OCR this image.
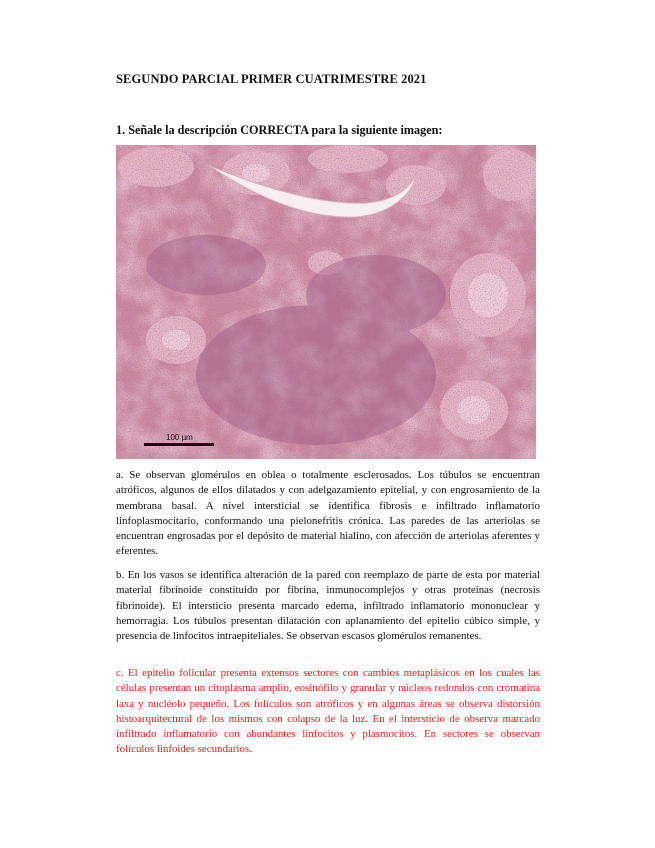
SEGUNDO PARCIAL PRIMER CUATRIMESTRE 2021
1. Señale la descripción CORRECTA para la siguiente imagen:
100 µm

a. Se observan glomérulos en oblea o totalmente esclerosados. Los túbulos se encuentran atróficos, algunos de ellos dilatados y con adelgazamiento epitelial, y con engrosamiento de la membrana basal. A nivel intersticial se identifica fibrosis e infiltrado inflamatorio linfoplasmocitario, conformando una pielonefritis crónica. Las paredes de las arteriolas se encuentran engrosadas por el depósito de material hialino, con afección de arteriolas aferentes y eferentes.

b. En los vasos se identifica alteración de la pared con reemplazo de parte de esta por material material fibrinoide constituido por fibrina, inmunocomplejos y otras proteínas (necrosis fibrinoide). El intersticio presenta marcado edema, infiltrado inflamatorio mononuclear y hemorragia. Los túbulos presentan dilatación con aplanamiento del epitelio cúbico simple, y presencia de linfocitos intraepiteliales. Se observan escasos glomérulos remanentes.

c. El epitelio folicular presenta extensos sectores con cambios metaplásicos en los cuales las células presentan un citoplasma amplio, eosinófilo y granular y núcleos redondos con cromatina laxa y nucléolo pequeño. Los folículos son atróficos y en algunas áreas se observa distorsión histoarquitectural de los mismos con colapso de la luz. En el intersticio de observa marcado infiltrado inflamatorio con abundantes linfocitos y plasmocitos. En sectores se observan folículos linfoides secundarios.
